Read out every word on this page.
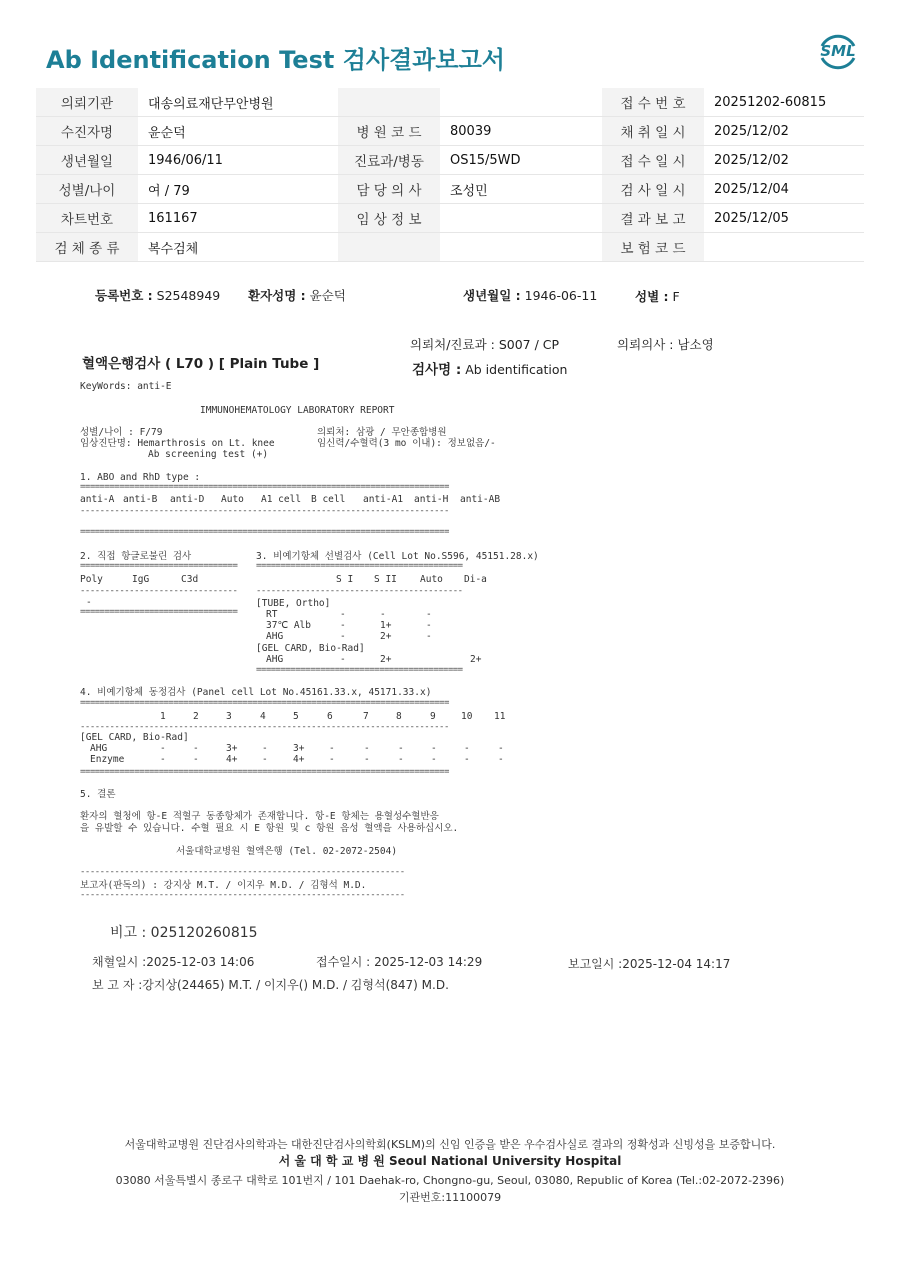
Ab Identification Test 검사결과보고서	SML
의뢰기관	대송의료재단무안병원			접 수 번 호	20251202-60815
수진자명	윤순덕	병 원 코 드	80039	채 취 일 시	2025/12/02
생년월일	1946/06/11	진료과/병동	OS15/5WD	접 수 일 시	2025/12/02
성별/나이	여 / 79	담 당 의 사	조성민	검 사 일 시	2025/12/04
차트번호	161167	임 상 정 보		결 과 보 고	2025/12/05
검 체 종 류	복수검체			보 험 코 드	
등록번호 : S2548949 환자성명 : 윤순덕	생년월일 : 1946-06-11	성별 : F
의뢰처/진료과 : S007 / CP	의뢰의사 : 남소영
혈액은행검사 ( L70 ) [ Plain Tube ]	검사명 : Ab identification
KeyWords: anti-E
IMMUNOHEMATOLOGY LABORATORY REPORT
성별/나이 : F/79	의뢰처: 삼광 / 무안종합병원
임상진단명: Hemarthrosis on Lt. knee	임신력/수혈력(3 mo 이내): 정보없음/-
Ab screening test (+)
1. ABO and RhD type :
===========================================================================
anti-A anti-B anti-D Auto A1 cell B cell anti-A1 anti-H anti-AB
---------------------------------------------------------------------------
===========================================================================
2. 직접 항글로불린 검사
================================
Poly	IgG	C3d
--------------------------------
-
================================
3. 비예기항체 선별검사 (Cell Lot No.S596, 45151.28.x)
==========================================
S I S II Auto Di-a
------------------------------------------
[TUBE, Ortho]
RT	-	-	-
37℃ Alb	-	1+	-
AHG	-	2+	-
[GEL CARD, Bio-Rad]
AHG	-	2+	2+
==========================================
4. 비예기항체 동정검사 (Panel cell Lot No.45161.33.x, 45171.33.x)
===========================================================================
1	2	3	4	5	6	7	8	9	10 11
---------------------------------------------------------------------------
[GEL CARD, Bio-Rad]
AHG	-	-	3+	-	3+	-	-	-	-	-	-
Enzyme	-	-	4+	-	4+	-	-	-	-	-	-
===========================================================================
5. 결론
환자의 혈청에 항-E 적혈구 동종항체가 존재합니다. 항-E 항체는 용혈성수혈반응
을 유발할 수 있습니다. 수혈 필요 시 E 항원 및 c 항원 음성 혈액을 사용하십시오.
서울대학교병원 혈액은행 (Tel. 02-2072-2504)
------------------------------------------------------------------
보고자(판독의) : 강지상 M.T. / 이지우 M.D. / 김형석 M.D.
------------------------------------------------------------------
비고 : 025120260815
채혈일시 :2025-12-03 14:06	접수일시 : 2025-12-03 14:29	보고일시 :2025-12-04 14:17
보 고 자 :강지상(24465) M.T. / 이지우() M.D. / 김형석(847) M.D.
서울대학교병원 진단검사의학과는 대한진단검사의학회(KSLM)의 신임 인증을 받은 우수검사실로 결과의 정확성과 신빙성을 보증합니다.
서 울 대 학 교 병 원 Seoul National University Hospital
03080 서울특별시 종로구 대학로 101번지 / 101 Daehak-ro, Chongno-gu, Seoul, 03080, Republic of Korea (Tel.:02-2072-2396)
기관번호:11100079
